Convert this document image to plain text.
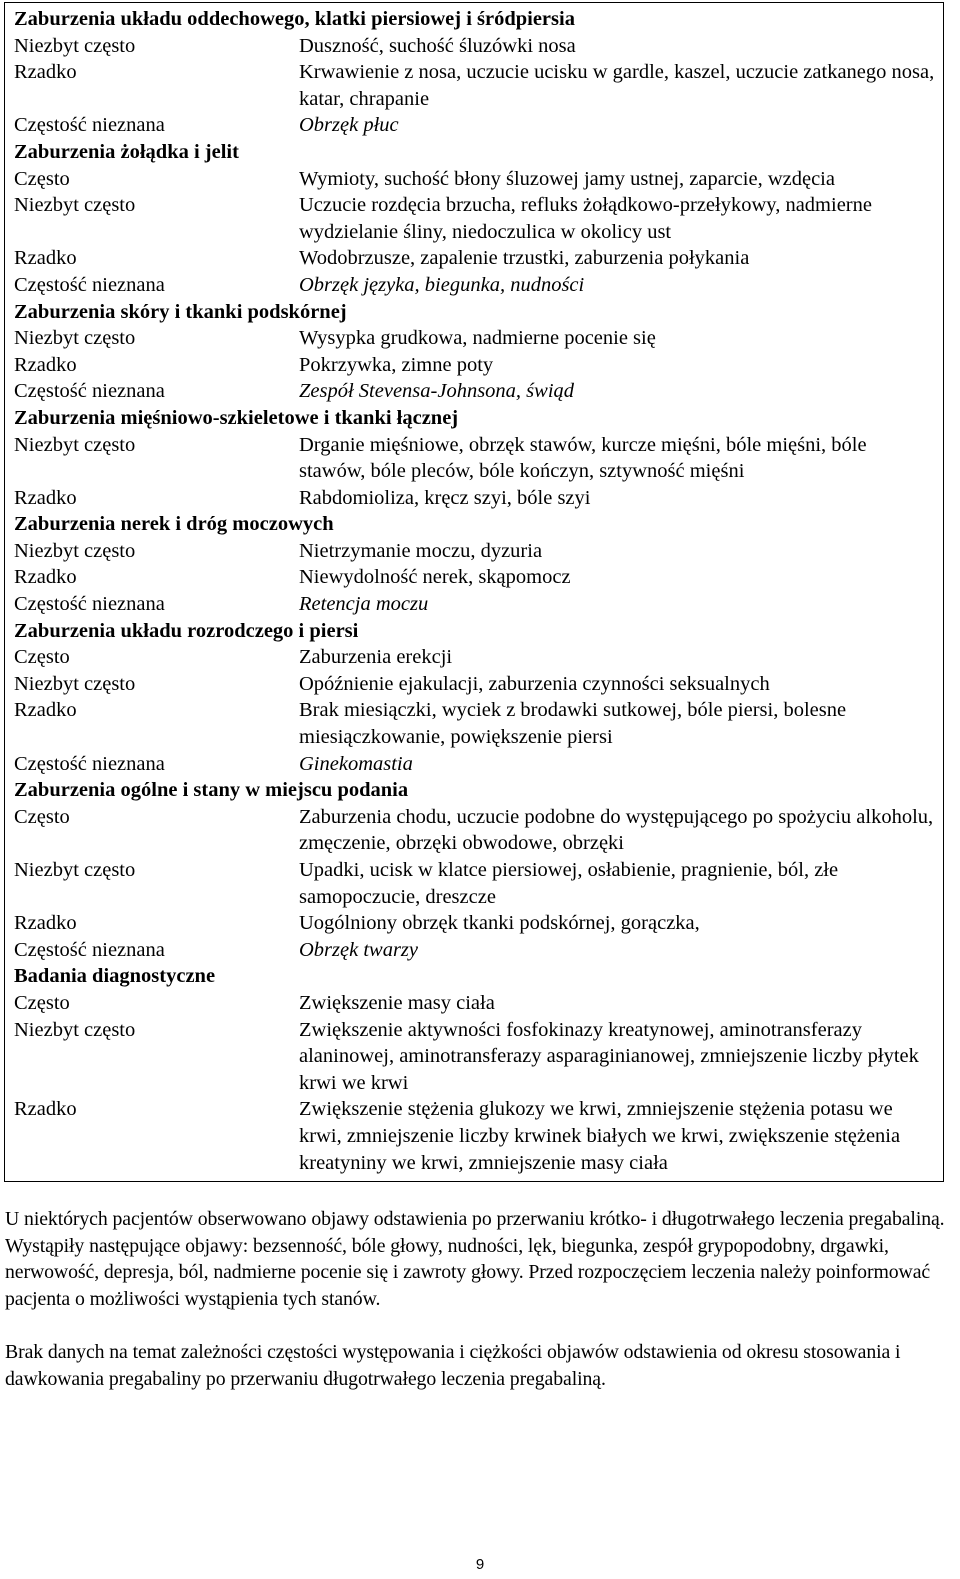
Zaburzenia układu oddechowego, klatki piersiowej i śródpiersia
Niezbyt często	Duszność, suchość śluzówki nosa
Rzadko	Krwawienie z nosa, uczucie ucisku w gardle, kaszel, uczucie zatkanego nosa, katar, chrapanie
Częstość nieznana	Obrzęk płuc
Zaburzenia żołądka i jelit
Często	Wymioty, suchość błony śluzowej jamy ustnej, zaparcie, wzdęcia
Niezbyt często	Uczucie rozdęcia brzucha, refluks żołądkowo-przełykowy, nadmierne wydzielanie śliny, niedoczulica w okolicy ust
Rzadko	Wodobrzusze, zapalenie trzustki, zaburzenia połykania
Częstość nieznana	Obrzęk języka, biegunka, nudności
Zaburzenia skóry i tkanki podskórnej
Niezbyt często	Wysypka grudkowa, nadmierne pocenie się
Rzadko	Pokrzywka, zimne poty
Częstość nieznana	Zespół Stevensa-Johnsona, świąd
Zaburzenia mięśniowo-szkieletowe i tkanki łącznej
Niezbyt często	Drganie mięśniowe, obrzęk stawów, kurcze mięśni, bóle mięśni, bóle stawów, bóle pleców, bóle kończyn, sztywność mięśni
Rzadko	Rabdomioliza, kręcz szyi, bóle szyi
Zaburzenia nerek i dróg moczowych
Niezbyt często	Nietrzymanie moczu, dyzuria
Rzadko	Niewydolność nerek, skąpomocz
Częstość nieznana	Retencja moczu
Zaburzenia układu rozrodczego i piersi
Często	Zaburzenia erekcji
Niezbyt często	Opóźnienie ejakulacji, zaburzenia czynności seksualnych
Rzadko	Brak miesiączki, wyciek z brodawki sutkowej, bóle piersi, bolesne miesiączkowanie, powiększenie piersi
Częstość nieznana	Ginekomastia
Zaburzenia ogólne i stany w miejscu podania
Często	Zaburzenia chodu, uczucie podobne do występującego po spożyciu alkoholu, zmęczenie, obrzęki obwodowe, obrzęki
Niezbyt często	Upadki, ucisk w klatce piersiowej, osłabienie, pragnienie, ból, złe samopoczucie, dreszcze
Rzadko	Uogólniony obrzęk tkanki podskórnej, gorączka,
Częstość nieznana	Obrzęk twarzy
Badania diagnostyczne
Często	Zwiększenie masy ciała
Niezbyt często	Zwiększenie aktywności fosfokinazy kreatynowej, aminotransferazy alaninowej, aminotransferazy asparaginianowej, zmniejszenie liczby płytek krwi we krwi
Rzadko	Zwiększenie stężenia glukozy we krwi, zmniejszenie stężenia potasu we krwi, zmniejszenie liczby krwinek białych we krwi, zwiększenie stężenia kreatyniny we krwi, zmniejszenie masy ciała
U niektórych pacjentów obserwowano objawy odstawienia po przerwaniu krótko- i długotrwałego leczenia pregabaliną. Wystąpiły następujące objawy: bezsenność, bóle głowy, nudności, lęk, biegunka, zespół grypopodobny, drgawki, nerwowość, depresja, ból, nadmierne pocenie się i zawroty głowy. Przed rozpoczęciem leczenia należy poinformować pacjenta o możliwości wystąpienia tych stanów.
Brak danych na temat zależności częstości występowania i ciężkości objawów odstawienia od okresu stosowania i dawkowania pregabaliny po przerwaniu długotrwałego leczenia pregabaliną.
9
